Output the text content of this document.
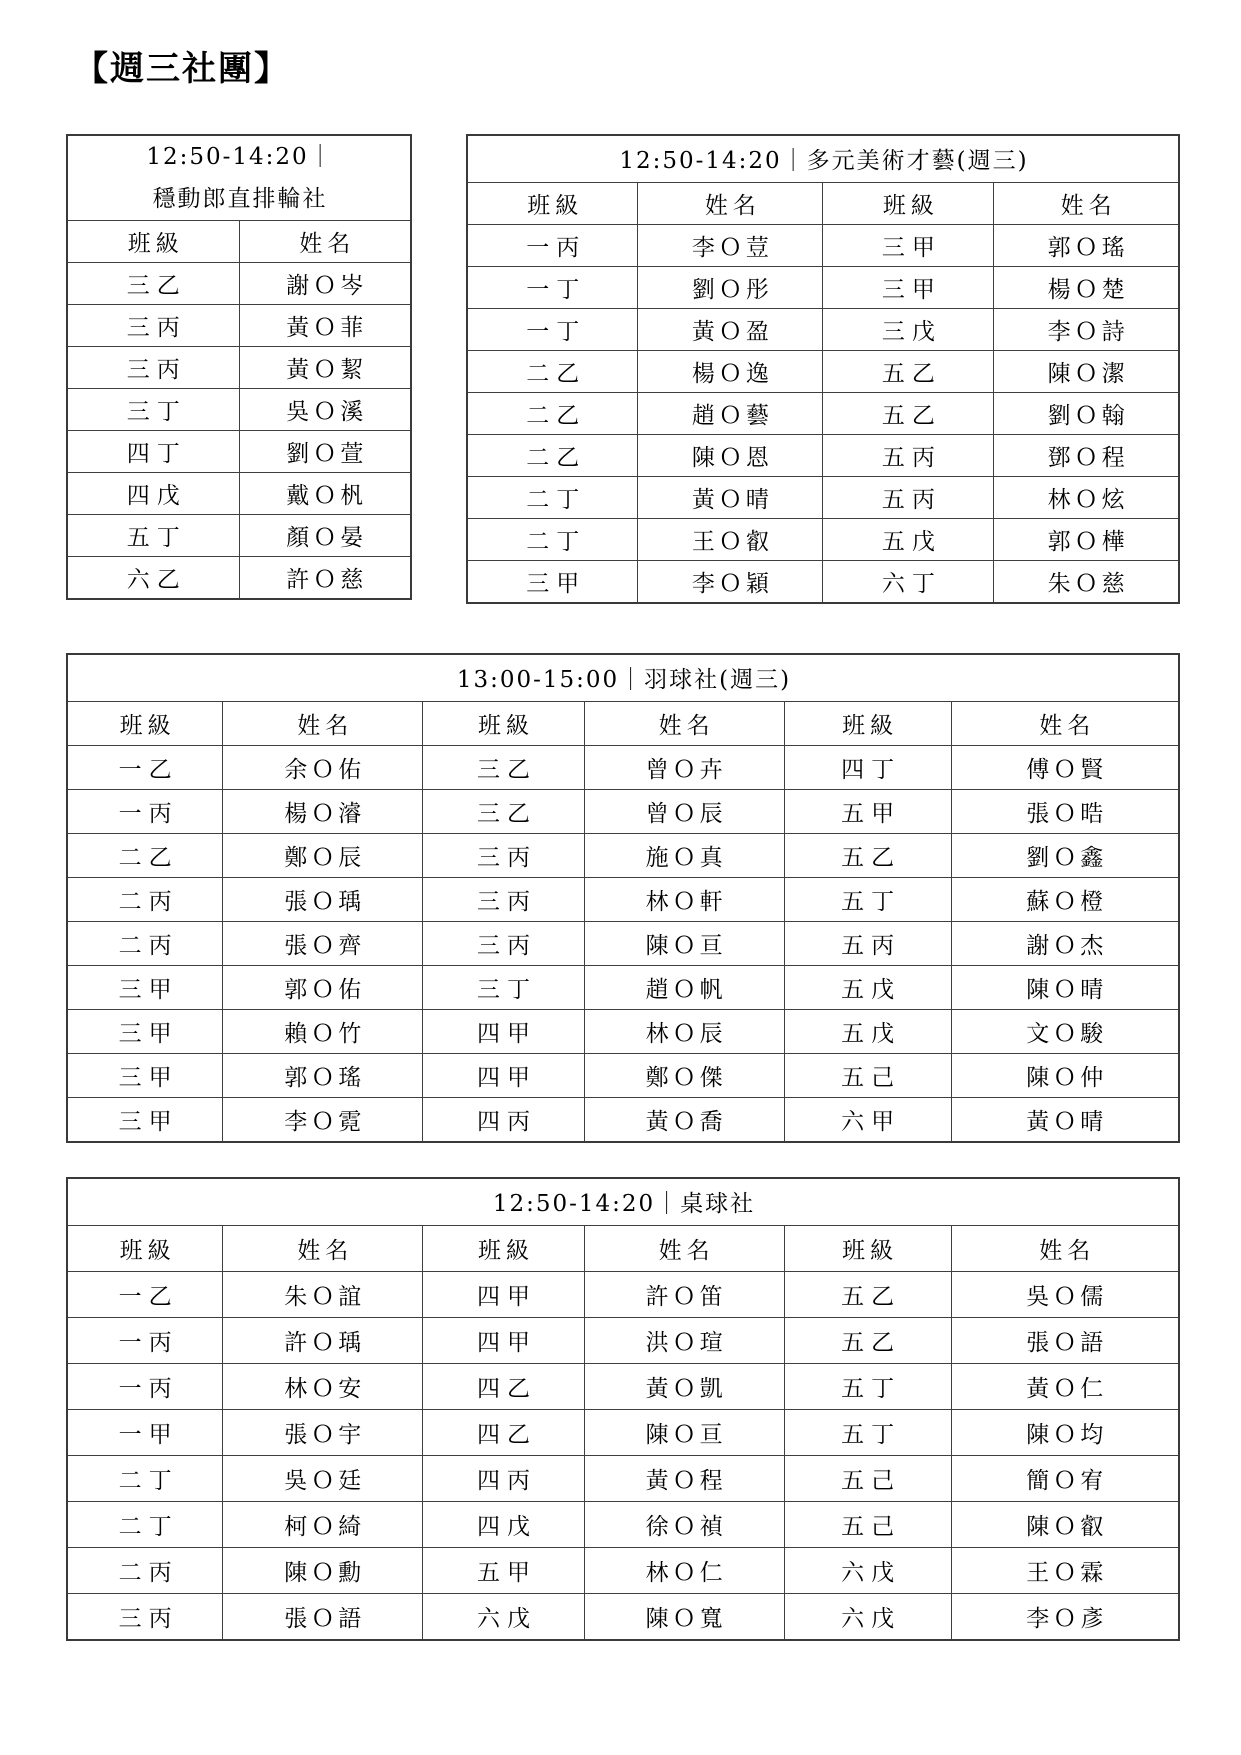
【週三社團】
12:50-14:20｜
穩動郎直排輪社	

班級	姓名
三乙	謝Ｏ岑
三丙	黃Ｏ菲
三丙	黃Ｏ絜
三丁	吳Ｏ溪
四丁	劉Ｏ萱
四戊	戴Ｏ杋
五丁	顏Ｏ晏
六乙	許Ｏ慈
12:50-14:20｜多元美術才藝(週三)			
班級	姓名	班級	姓名
一丙	李Ｏ荳	三甲	郭Ｏ瑤
一丁	劉Ｏ彤	三甲	楊Ｏ楚
一丁	黃Ｏ盈	三戊	李Ｏ詩
二乙	楊Ｏ逸	五乙	陳Ｏ潔
二乙	趙Ｏ藝	五乙	劉Ｏ翰
二乙	陳Ｏ恩	五丙	鄧Ｏ程
二丁	黃Ｏ晴	五丙	林Ｏ炫
二丁	王Ｏ叡	五戊	郭Ｏ樺
三甲	李Ｏ穎	六丁	朱Ｏ慈
13:00-15:00｜羽球社(週三)					
班級	姓名	班級	姓名	班級	姓名
一乙	余Ｏ佑	三乙	曾Ｏ卉	四丁	傅Ｏ賢
一丙	楊Ｏ濬	三乙	曾Ｏ辰	五甲	張Ｏ晧
二乙	鄭Ｏ辰	三丙	施Ｏ真	五乙	劉Ｏ鑫
二丙	張Ｏ瑀	三丙	林Ｏ軒	五丁	蘇Ｏ橙
二丙	張Ｏ齊	三丙	陳Ｏ亘	五丙	謝Ｏ杰
三甲	郭Ｏ佑	三丁	趙Ｏ帆	五戊	陳Ｏ晴
三甲	賴Ｏ竹	四甲	林Ｏ辰	五戊	文Ｏ駿
三甲	郭Ｏ瑤	四甲	鄭Ｏ傑	五己	陳Ｏ仲
三甲	李Ｏ霓	四丙	黃Ｏ喬	六甲	黃Ｏ晴
12:50-14:20｜桌球社					
班級	姓名	班級	姓名	班級	姓名
一乙	朱Ｏ誼	四甲	許Ｏ笛	五乙	吳Ｏ儒
一丙	許Ｏ瑀	四甲	洪Ｏ瑄	五乙	張Ｏ語
一丙	林Ｏ安	四乙	黃Ｏ凱	五丁	黃Ｏ仁
一甲	張Ｏ宇	四乙	陳Ｏ亘	五丁	陳Ｏ均
二丁	吳Ｏ廷	四丙	黃Ｏ程	五己	簡Ｏ宥
二丁	柯Ｏ綺	四戊	徐Ｏ禎	五己	陳Ｏ叡
二丙	陳Ｏ勳	五甲	林Ｏ仁	六戊	王Ｏ霖
三丙	張Ｏ語	六戊	陳Ｏ寬	六戊	李Ｏ彥
